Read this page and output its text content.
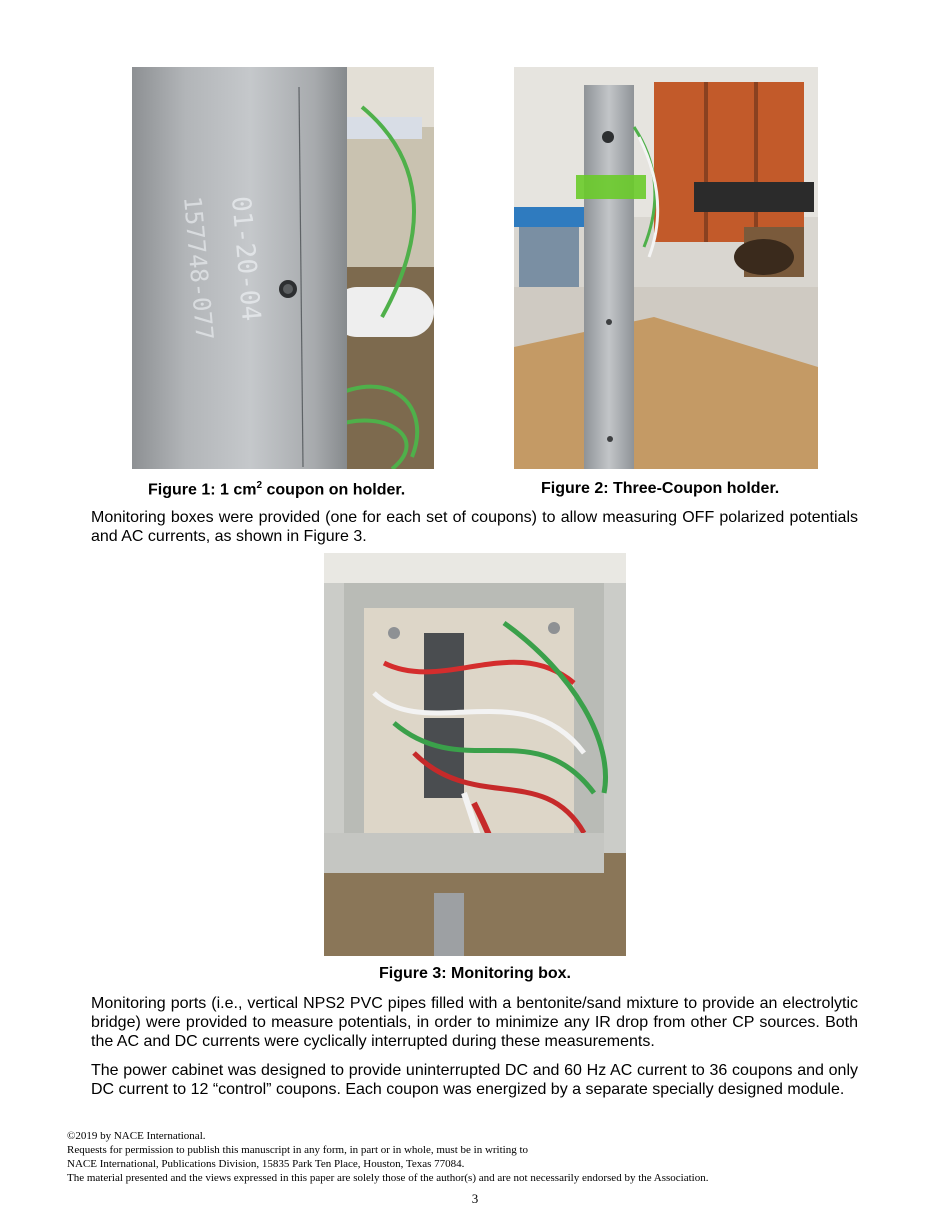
01-20-04
157748-077
Figure 1: 1 $cm^2$ coupon on holder.	Figure 2: Three-Coupon holder.

Monitoring boxes were provided (one for each set of coupons) to allow measuring OFF polarized potentials and AC currents, as shown in Figure 3.

Figure 3: Monitoring box.

Monitoring ports (i.e., vertical NPS2 PVC pipes filled with a bentonite/sand mixture to provide an electrolytic bridge) were provided to measure potentials, in order to minimize any IR drop from other CP sources. Both the AC and DC currents were cyclically interrupted during these measurements.

The power cabinet was designed to provide uninterrupted DC and 60 Hz AC current to 36 coupons and only DC current to 12 “control” coupons. Each coupon was energized by a separate specially designed module.

©2019 by NACE International.
Requests for permission to publish this manuscript in any form, in part or in whole, must be in writing to
NACE International, Publications Division, 15835 Park Ten Place, Houston, Texas 77084.
The material presented and the views expressed in this paper are solely those of the author(s) and are not necessarily endorsed by the Association.
3
